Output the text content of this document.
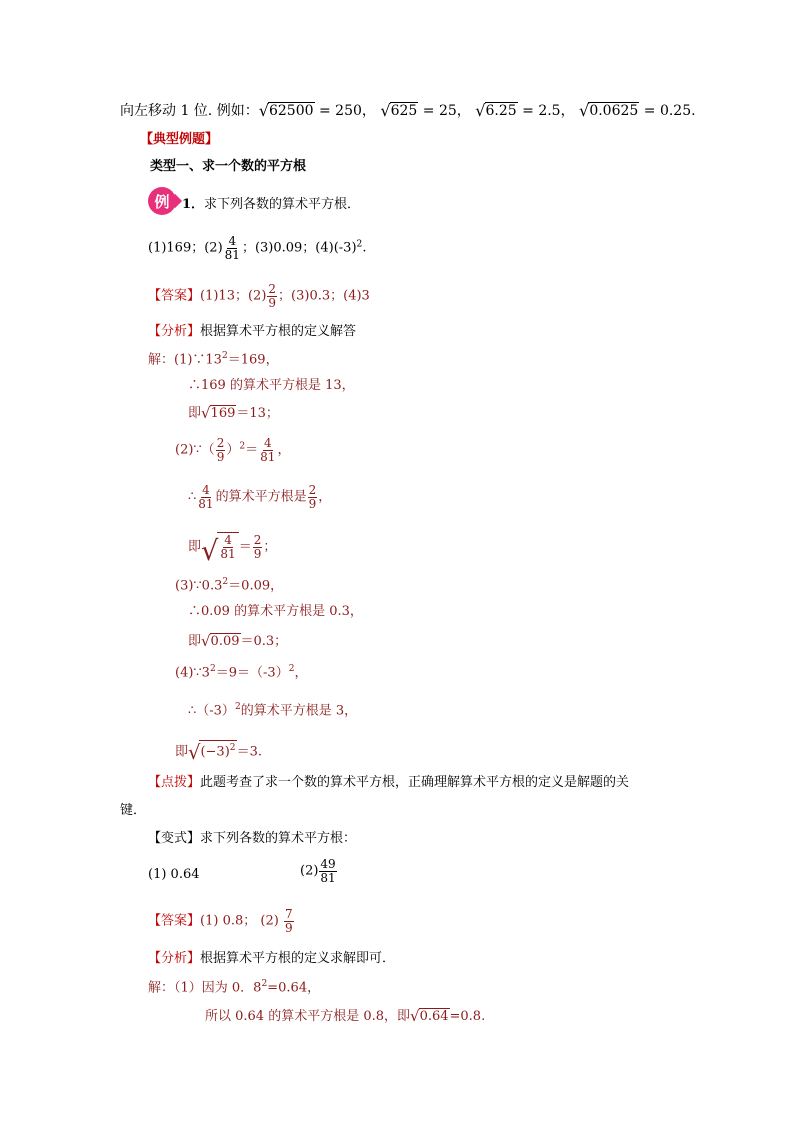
向左移动 1 位. 例如：√62500 = 250， √625 = 25， √6.25 = 2.5， √0.0625 = 0.25.
【典型例题】
类型一、求一个数的平方根
例 1．求下列各数的算术平方根．
(1)169；$(2) \frac{4}{81}$ ；(3)0.09；$(4)(-3)^2$.
【答案】(1)13；$(2) \frac{2}{9}$ ；(3)0.3；(4)3
【分析】根据算术平方根的定义解答
解：$(1)\because 13^2=169$，
∴169 的算术平方根是 13，
即√169＝13；
(2)∵（ $\frac{2}{9} )^2= \frac{4}{81}$ ，
∴ $\frac{4}{81}$ 的算术平方根是 $\frac{2}{9}$ ，
即√ $\frac{4}{81} = \frac{2}{9}$ ；
$(3)\because 0.3^2=0.09$，
∴0.09 的算术平方根是 0.3，
即√0.09＝0.3；
$(4)\because 3^2=9=(-3)^2$，
$\therefore(-3)^2$的算术平方根是 3，
即$√(-3)^2=3$.
【点拨】此题考查了求一个数的算术平方根，正确理解算术平方根的定义是解题的关
键．
【变式】求下列各数的算术平方根：
(1) 0.64	$(2) \frac{49}{81}$
【答案】(1) 0.8； $(2) \frac{7}{9}$
【分析】根据算术平方根的定义求解即可．
解：（1）因为 0．$8^2=0.64$，
所以 0.64 的算术平方根是 0.8，即√0.64=0.8.
